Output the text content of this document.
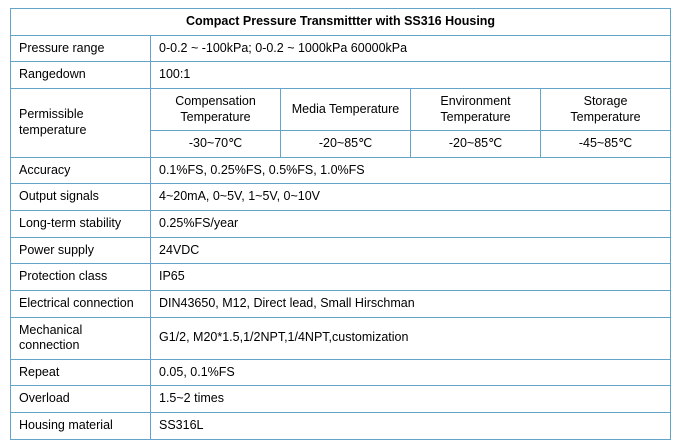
Compact Pressure Transmittter with SS316 Housing				
Pressure range	0-0.2 ~ -100kPa; 0-0.2 ~ 1000kPa 60000kPa			
Rangedown	100:1			
Permissible temperature	Compensation Temperature	Media Temperature	Environment Temperature	Storage Temperature
	-30~70℃	-20~85℃	-20~85℃	-45~85℃
Accuracy	0.1%FS, 0.25%FS, 0.5%FS, 1.0%FS			
Output signals	4~20mA, 0~5V, 1~5V, 0~10V			
Long-term stability	0.25%FS/year			
Power supply	24VDC			
Protection class	IP65			
Electrical connection	DIN43650, M12, Direct lead, Small Hirschman			
Mechanical connection	G1/2, M20*1.5,1/2NPT,1/4NPT,customization			
Repeat	0.05, 0.1%FS			
Overload	1.5~2 times			
Housing material	SS316L			
